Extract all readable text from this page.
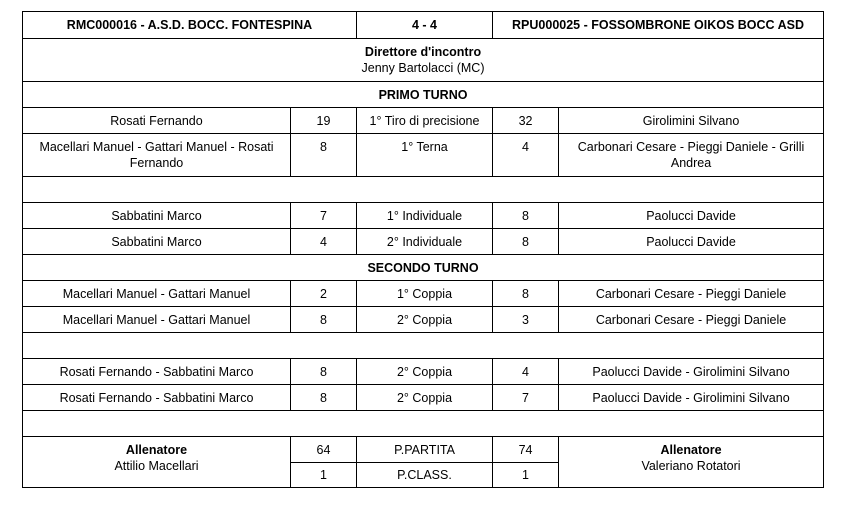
RMC000016 - A.S.D. BOCC. FONTESPINA		4 - 4	RPU000025 - FOSSOMBRONE OIKOS BOCC ASD	

Direttore d'incontro
Jenny Bartolacci (MC)				

PRIMO TURNO				
Rosati Fernando	19	1° Tiro di precisione	32	Girolimini Silvano
Macellari Manuel - Gattari Manuel - Rosati Fernando	8	1° Terna	4	Carbonari Cesare - Pieggi Daniele - Grilli Andrea

Sabbatini Marco	7	1° Individuale	8	Paolucci Davide
Sabbatini Marco	4	2° Individuale	8	Paolucci Davide
SECONDO TURNO				
Macellari Manuel - Gattari Manuel	2	1° Coppia	8	Carbonari Cesare - Pieggi Daniele
Macellari Manuel - Gattari Manuel	8	2° Coppia	3	Carbonari Cesare - Pieggi Daniele

Rosati Fernando - Sabbatini Marco	8	2° Coppia	4	Paolucci Davide - Girolimini Silvano
Rosati Fernando - Sabbatini Marco	8	2° Coppia	7	Paolucci Davide - Girolimini Silvano

Allenatore
Attilio Macellari	64	P.PARTITA	74	Allenatore
Valeriano Rotatori

	1	P.CLASS.	1	
